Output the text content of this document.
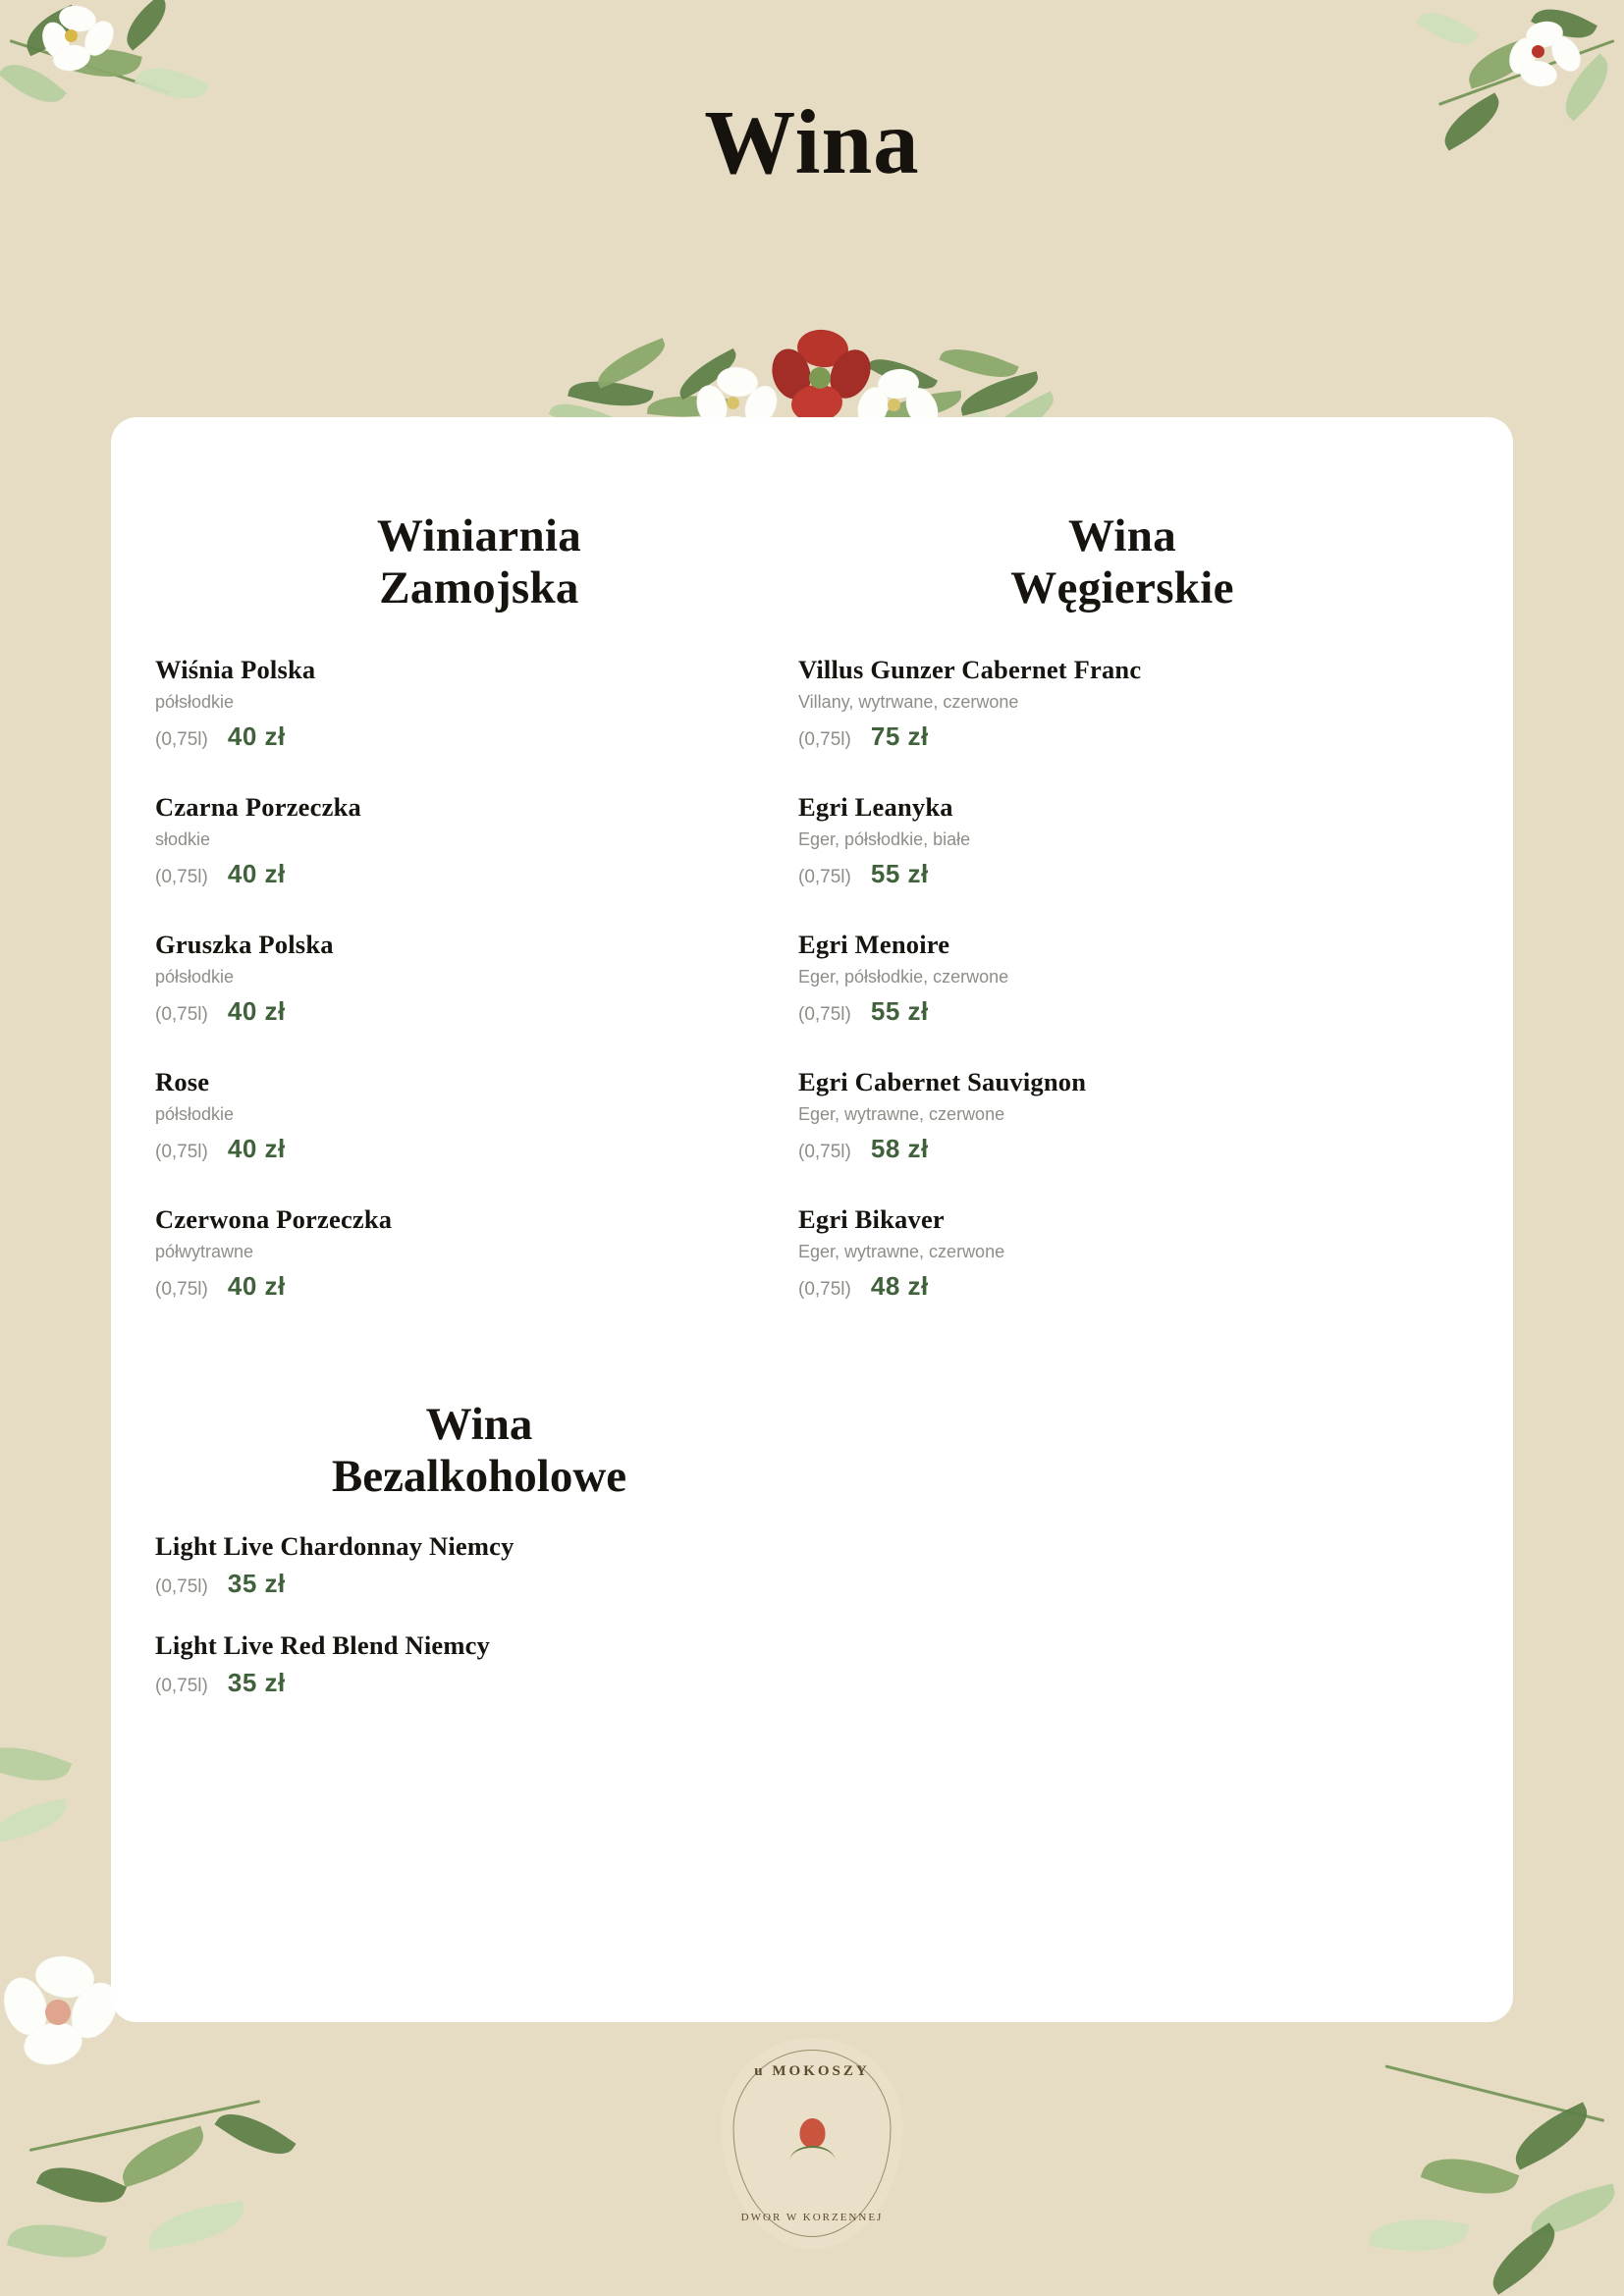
Wina
Winiarnia
Zamojska

Wiśnia Polska

półsłodkie

(0,75l) 40 zł

Czarna Porzeczka

słodkie

(0,75l) 40 zł

Gruszka Polska

półsłodkie

(0,75l) 40 zł

Rose

półsłodkie

(0,75l) 40 zł

Czerwona Porzeczka

półwytrawne

(0,75l) 40 zł
Wina
Węgierskie

Villus Gunzer Cabernet Franc

Villany, wytrwane, czerwone

(0,75l) 75 zł

Egri Leanyka

Eger, półsłodkie, białe

(0,75l) 55 zł

Egri Menoire

Eger, półsłodkie, czerwone

(0,75l) 55 zł

Egri Cabernet Sauvignon

Eger, wytrawne, czerwone

(0,75l) 58 zł

Egri Bikaver

Eger, wytrawne, czerwone

(0,75l) 48 zł
Wina
Bezalkoholowe

Light Live Chardonnay Niemcy

(0,75l) 35 zł

Light Live Red Blend Niemcy

(0,75l) 35 zł
u MOKOSZY
DWOR W KORZENNEJ
